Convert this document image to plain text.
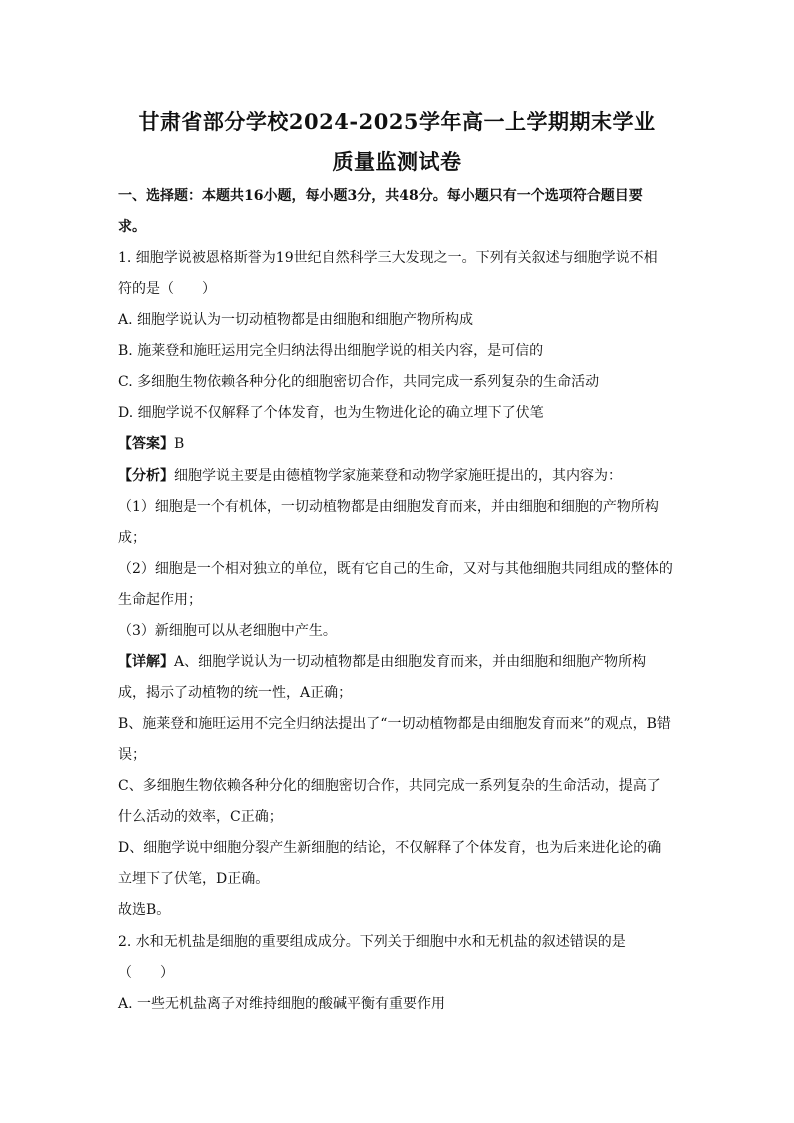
甘肃省部分学校2024-2025学年高一上学期期末学业
质量监测试卷
一、选择题：本题共16小题，每小题3分，共48分。每小题只有一个选项符合题目要
求。
1. 细胞学说被恩格斯誉为19世纪自然科学三大发现之一。下列有关叙述与细胞学说不相
符的是（　　）
A. 细胞学说认为一切动植物都是由细胞和细胞产物所构成
B. 施莱登和施旺运用完全归纳法得出细胞学说的相关内容，是可信的
C. 多细胞生物依赖各种分化的细胞密切合作，共同完成一系列复杂的生命活动
D. 细胞学说不仅解释了个体发育，也为生物进化论的确立埋下了伏笔
【答案】B
【分析】细胞学说主要是由德植物学家施莱登和动物学家施旺提出的，其内容为：
（1）细胞是一个有机体，一切动植物都是由细胞发育而来，并由细胞和细胞的产物所构
成；
（2）细胞是一个相对独立的单位，既有它自己的生命，又对与其他细胞共同组成的整体的
生命起作用；
（3）新细胞可以从老细胞中产生。
【详解】A、细胞学说认为一切动植物都是由细胞发育而来，并由细胞和细胞产物所构
成，揭示了动植物的统一性，A正确；
B、施莱登和施旺运用不完全归纳法提出了“一切动植物都是由细胞发育而来”的观点，B错
误；
C、多细胞生物依赖各种分化的细胞密切合作，共同完成一系列复杂的生命活动，提高了
什么活动的效率，C正确；
D、细胞学说中细胞分裂产生新细胞的结论，不仅解释了个体发育，也为后来进化论的确
立埋下了伏笔，D正确。
故选B。
2. 水和无机盐是细胞的重要组成成分。下列关于细胞中水和无机盐的叙述错误的是
（　　）
A. 一些无机盐离子对维持细胞的酸碱平衡有重要作用
